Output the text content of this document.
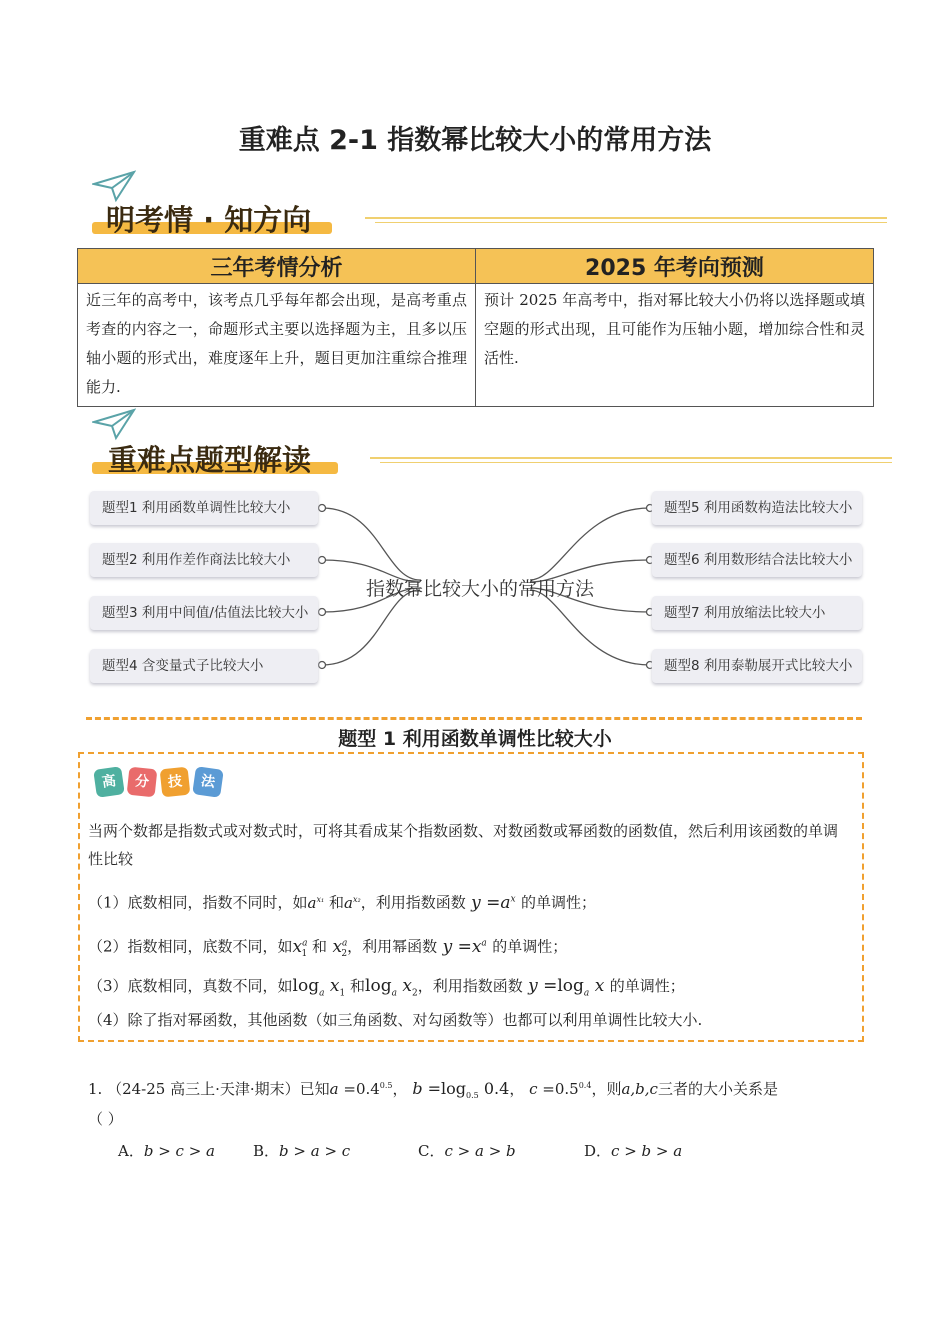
重难点 2-1 指数幂比较大小的常用方法
明考情 · 知方向
三年考情分析	2025 年考向预测
近三年的高考中，该考点几乎每年都会出现，是高考重点考查的内容之一，命题形式主要以选择题为主，且多以压轴小题的形式出，难度逐年上升，题目更加注重综合推理能力.	预计 2025 年高考中，指对幂比较大小仍将以选择题或填空题的形式出现，且可能作为压轴小题，增加综合性和灵活性.
重难点题型解读
指数幂比较大小的常用方法
题型1 利用函数单调性比较大小
题型2 利用作差作商法比较大小
题型3 利用中间值/估值法比较大小
题型4 含变量式子比较大小
题型5 利用函数构造法比较大小
题型6 利用数形结合法比较大小
题型7 利用放缩法比较大小
题型8 利用泰勒展开式比较大小
题型 1 利用函数单调性比较大小
高 分 技 法
当两个数都是指数式或对数式时，可将其看成某个指数函数、对数函数或幂函数的函数值，然后利用该函数的单调性比较
（1）底数相同，指数不同时，如$a^{x_1}$ 和$a^{x_2}$，利用指数函数 $y =a^x$ 的单调性；
（2）指数相同，底数不同，如$x^a_1$ 和 $x^a_2$，利用幂函数 $y =x^a$ 的单调性；
（3）底数相同，真数不同，如$\log_a x_1$ 和$\log_a x_2$，利用指数函数 $y =\log_a$ x 的单调性；
（4）除了指对幂函数，其他函数（如三角函数、对勾函数等）也都可以利用单调性比较大小.
1. （24-25 高三上·天津·期末）已知$a =0.4^{0.5}$， $b =\log_{0.5}$ 0.4， $c =0.5^{0.4}$，则a,b,c三者的大小关系是
（ ）
A．b > c > a	B．b > a > c	C．c > a > b	D．c > b > a
